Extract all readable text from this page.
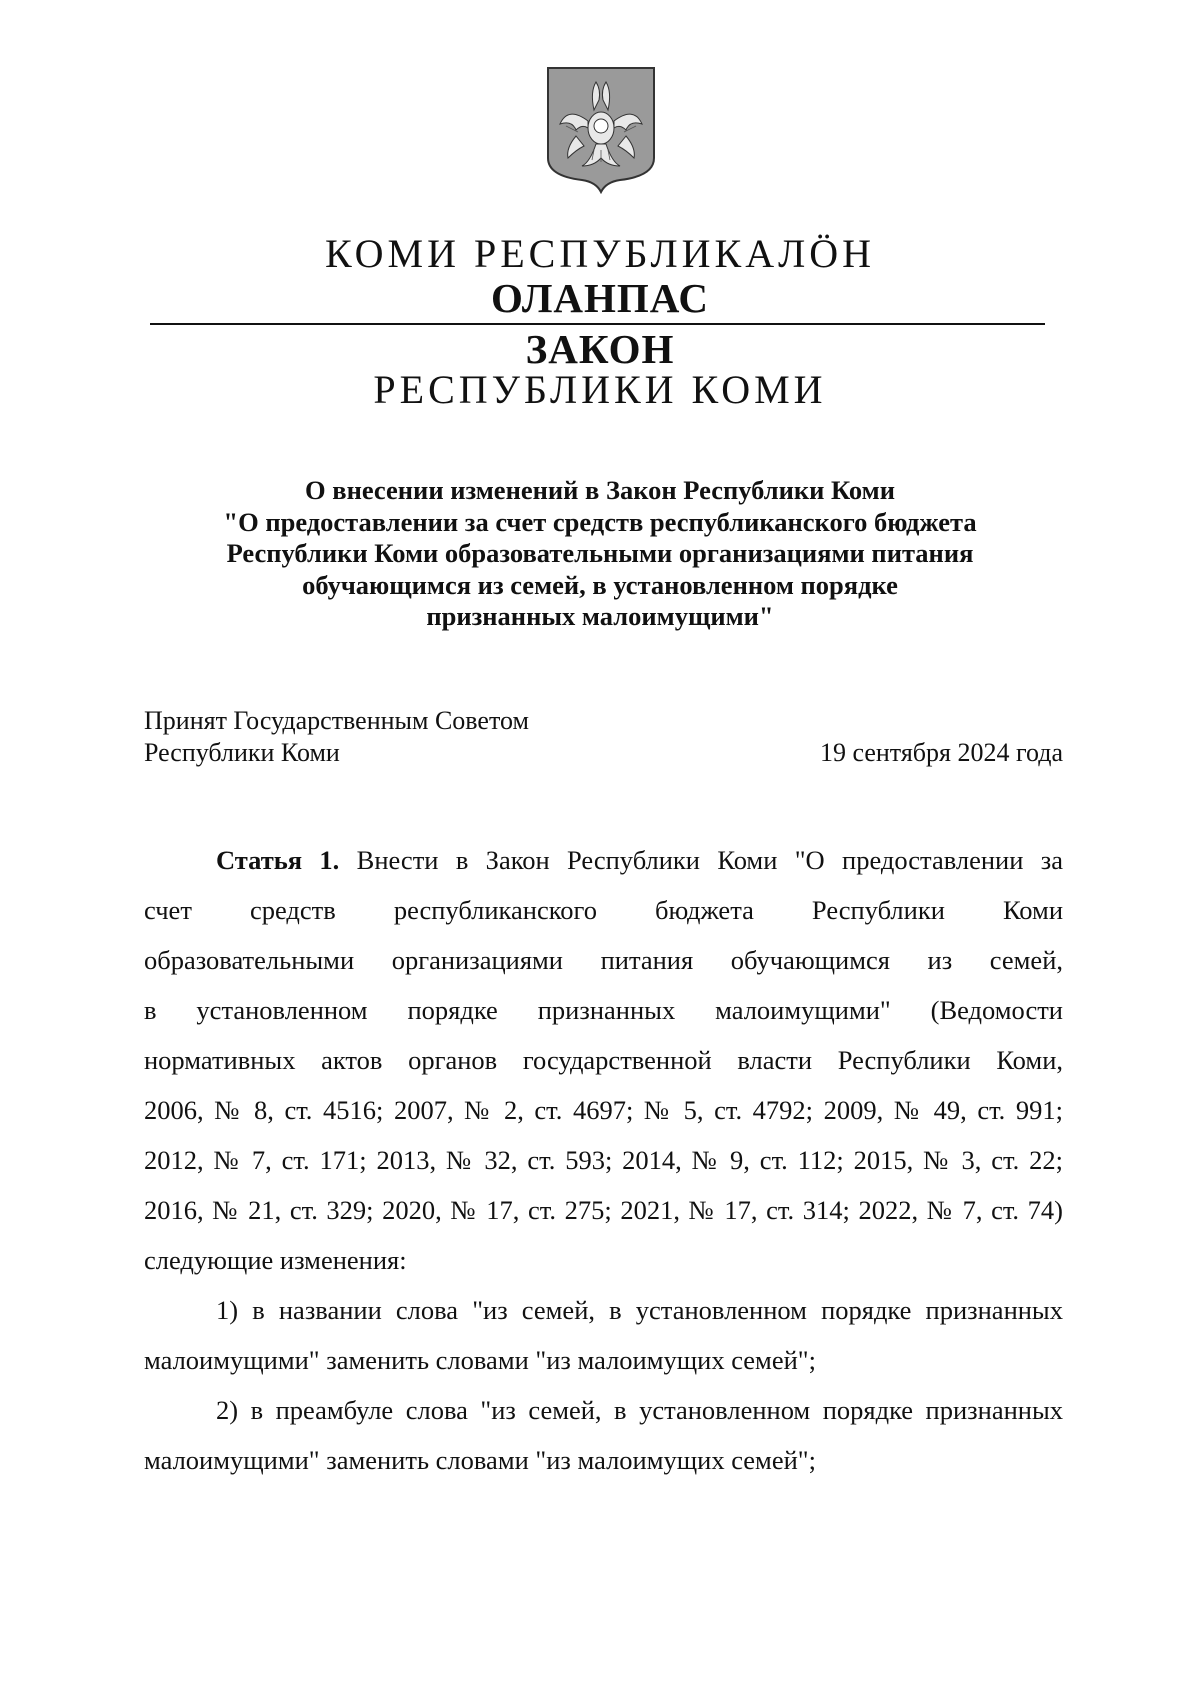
КОМИ РЕСПУБЛИКАЛÖН
ОЛАНПАС
ЗАКОН
РЕСПУБЛИКИ КОМИ
О внесении изменений в Закон Республики Коми
"О предоставлении за счет средств республиканского бюджета
Республики Коми образовательными организациями питания
обучающимся из семей, в установленном порядке
признанных малоимущими"
Принят Государственным Советом
Республики Коми	19 сентября 2024 года
Статья 1. Внести в Закон Республики Коми "О предоставлении за
счет средств республиканского бюджета Республики Коми
образовательными организациями питания обучающимся из семей,
в установленном порядке признанных малоимущими" (Ведомости
нормативных актов органов государственной власти Республики Коми,
2006, № 8, ст. 4516; 2007, № 2, ст. 4697; № 5, ст. 4792; 2009, № 49, ст. 991;
2012, № 7, ст. 171; 2013, № 32, ст. 593; 2014, № 9, ст. 112; 2015, № 3, ст. 22;
2016, № 21, ст. 329; 2020, № 17, ст. 275; 2021, № 17, ст. 314; 2022, № 7, ст. 74)
следующие изменения:
1) в названии слова "из семей, в установленном порядке признанных
малоимущими" заменить словами "из малоимущих семей";
2) в преамбуле слова "из семей, в установленном порядке признанных
малоимущими" заменить словами "из малоимущих семей";
